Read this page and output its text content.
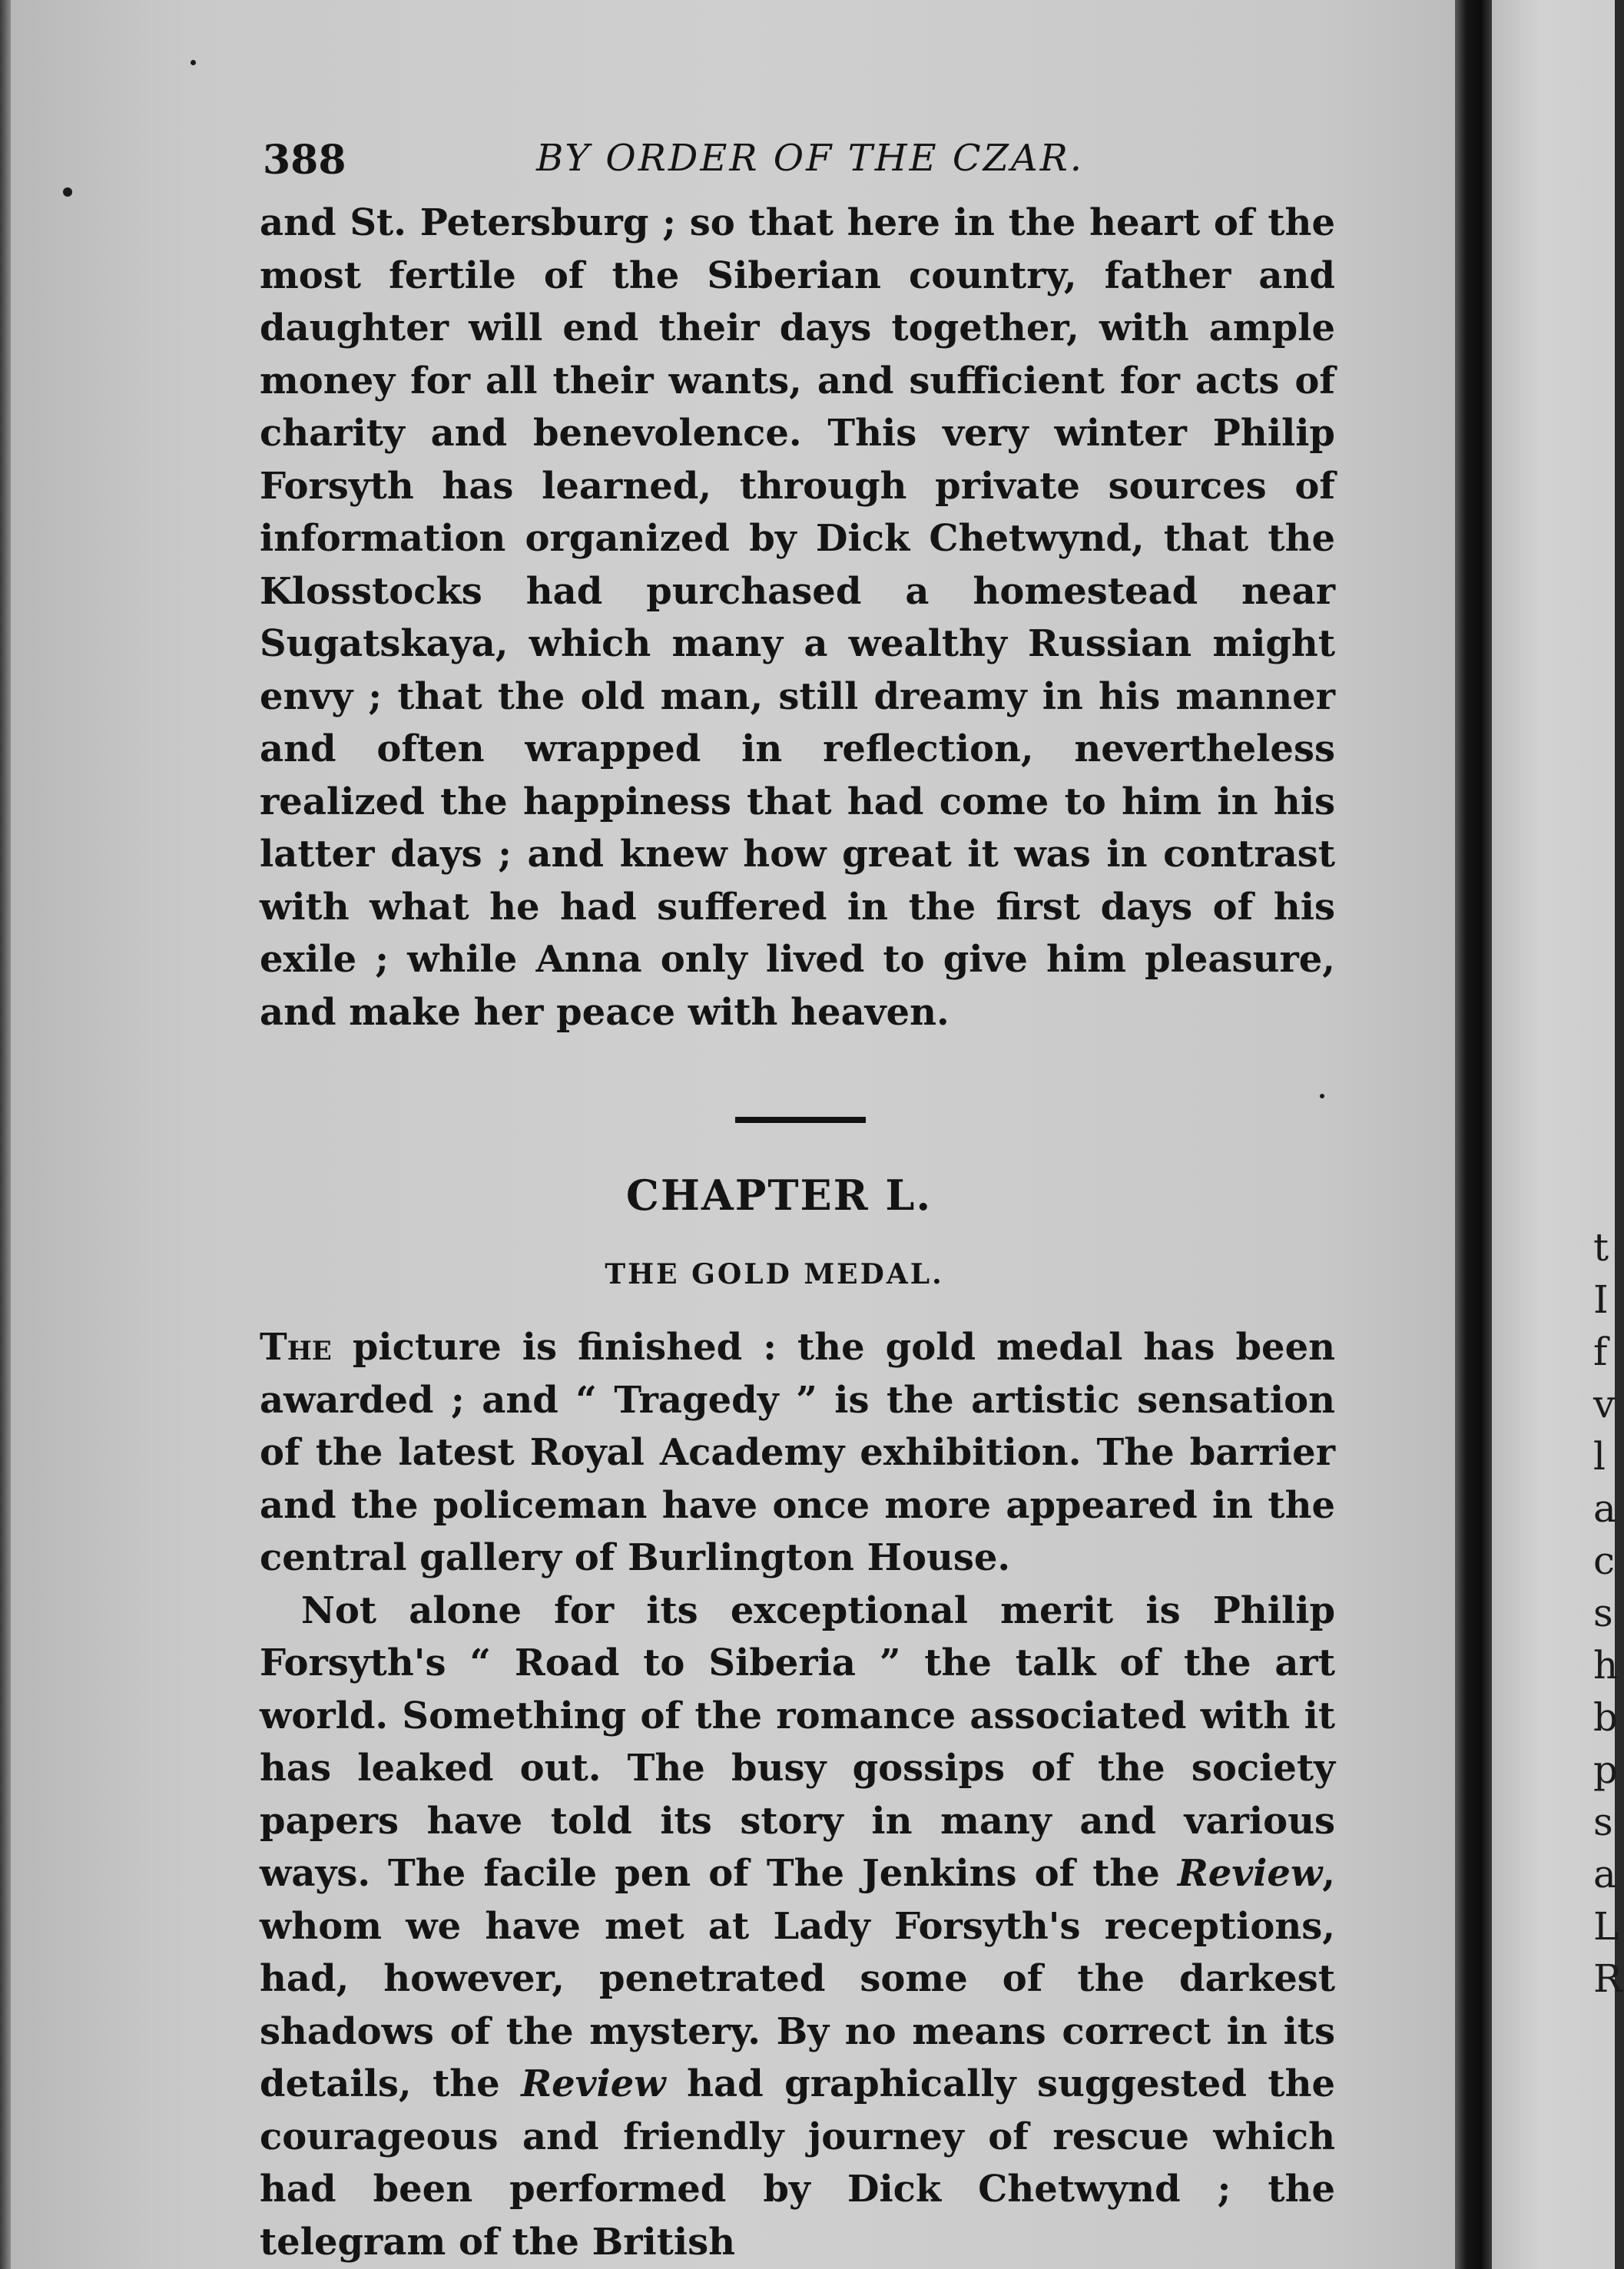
t
I
f
v
l
a
c
s
h
b
p
s
a
L
R
388	BY ORDER OF THE CZAR.

and St. Petersburg ; so that here in the heart of the most fertile of the Siberian country, father and daughter will end their days together, with ample money for all their wants, and sufficient for acts of charity and benevolence. This very winter Philip Forsyth has learned, through private sources of information organized by Dick Chetwynd, that the Klosstocks had purchased a homestead near Sugatskaya, which many a wealthy Russian might envy ; that the old man, still dreamy in his manner and often wrapped in reflection, nevertheless realized the happiness that had come to him in his latter days ; and knew how great it was in contrast with what he had suffered in the first days of his exile ; while Anna only lived to give him pleasure, and make her peace with heaven.

CHAPTER L.
THE GOLD MEDAL.

The picture is finished : the gold medal has been awarded ; and “ Tragedy ” is the artistic sensation of the latest Royal Academy exhibition. The barrier and the policeman have once more appeared in the central gallery of Burlington House.

Not alone for its exceptional merit is Philip Forsyth's “ Road to Siberia ” the talk of the art world. Something of the romance associated with it has leaked out. The busy gossips of the society papers have told its story in many and various ways. The facile pen of The Jenkins of the Review, whom we have met at Lady Forsyth's receptions, had, however, penetrated some of the darkest shadows of the mystery. By no means correct in its details, the Review had graphically suggested the courageous and friendly journey of rescue which had been performed by Dick Chetwynd ; the telegram of the British
